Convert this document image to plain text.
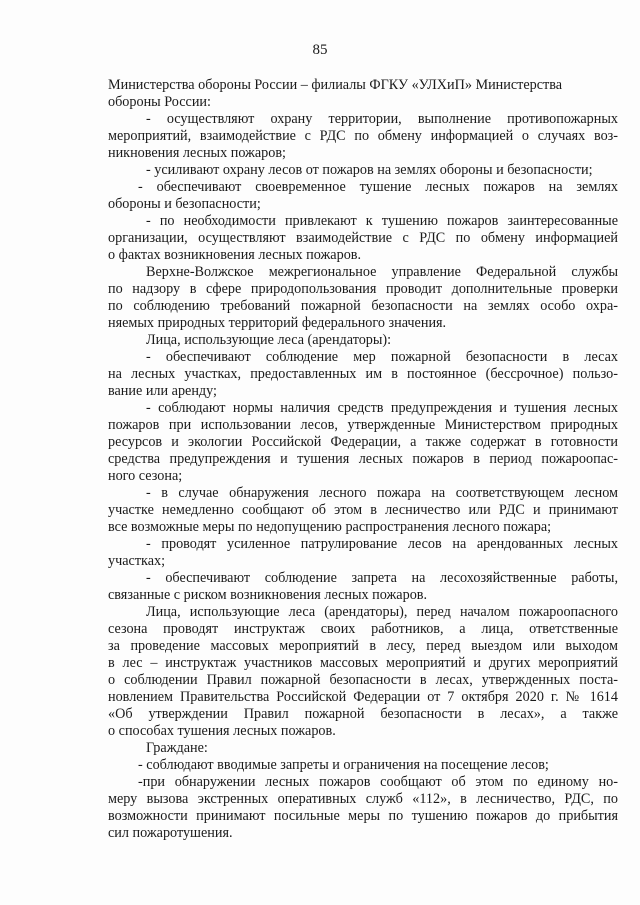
85
Министерства обороны России – филиалы ФГКУ «УЛХиП» Министерства
обороны России:
- осуществляют охрану территории, выполнение противопожарных
мероприятий, взаимодействие с РДС по обмену информацией о случаях воз-
никновения лесных пожаров;
- усиливают охрану лесов от пожаров на землях обороны и безопасности;
- обеспечивают своевременное тушение лесных пожаров на землях
обороны и безопасности;
- по необходимости привлекают к тушению пожаров заинтересованные
организации, осуществляют взаимодействие с РДС по обмену информацией
о фактах возникновения лесных пожаров.
Верхне-Волжское межрегиональное управление Федеральной службы
по надзору в сфере природопользования проводит дополнительные проверки
по соблюдению требований пожарной безопасности на землях особо охра-
няемых природных территорий федерального значения.
Лица, использующие леса (арендаторы):
- обеспечивают соблюдение мер пожарной безопасности в лесах
на лесных участках, предоставленных им в постоянное (бессрочное) пользо-
вание или аренду;
- соблюдают нормы наличия средств предупреждения и тушения лесных
пожаров при использовании лесов, утвержденные Министерством природных
ресурсов и экологии Российской Федерации, а также содержат в готовности
средства предупреждения и тушения лесных пожаров в период пожароопас-
ного сезона;
- в случае обнаружения лесного пожара на соответствующем лесном
участке немедленно сообщают об этом в лесничество или РДС и принимают
все возможные меры по недопущению распространения лесного пожара;
- проводят усиленное патрулирование лесов на арендованных лесных
участках;
- обеспечивают соблюдение запрета на лесохозяйственные работы,
связанные с риском возникновения лесных пожаров.
Лица, использующие леса (арендаторы), перед началом пожароопасного
сезона проводят инструктаж своих работников, а лица, ответственные
за проведение массовых мероприятий в лесу, перед выездом или выходом
в лес – инструктаж участников массовых мероприятий и других мероприятий
о соблюдении Правил пожарной безопасности в лесах, утвержденных поста-
новлением Правительства Российской Федерации от 7 октября 2020 г. № 1614
«Об утверждении Правил пожарной безопасности в лесах», а также
о способах тушения лесных пожаров.
Граждане:
- соблюдают вводимые запреты и ограничения на посещение лесов;
-при обнаружении лесных пожаров сообщают об этом по единому но-
меру вызова экстренных оперативных служб «112», в лесничество, РДС, по
возможности принимают посильные меры по тушению пожаров до прибытия
сил пожаротушения.
